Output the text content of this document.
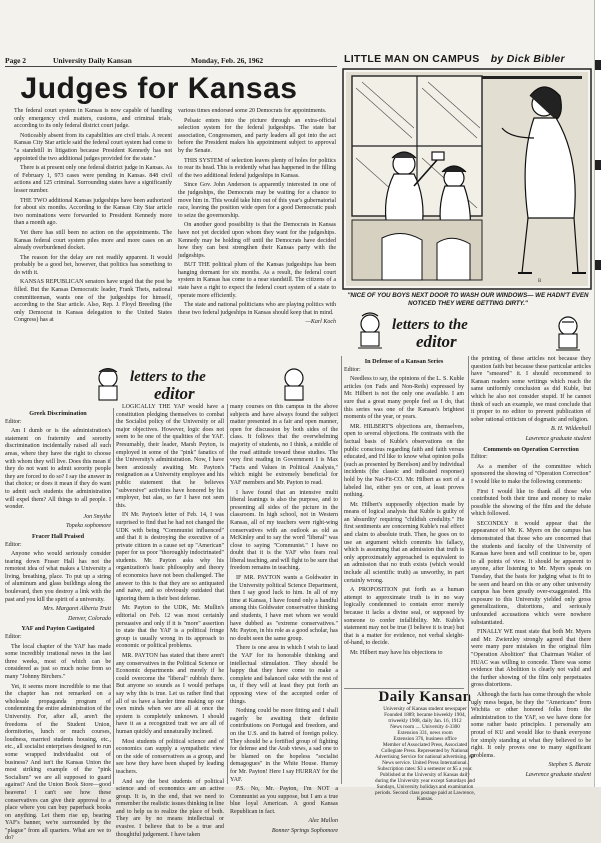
Page 2	University Daily Kansan	Monday, Feb. 26, 1962
Judges for Kansas

The federal court system in Kansas is now capable of handling only emergency civil matters, customs, and criminal trials, according to its only federal district court judge.

Noticeably absent from its capabilities are civil trials. A recent Kansas City Star article said the federal court system had come to "a standstill in litigation because President Kennedy has not appointed the two additional judges provided for the state."

There is at present only one federal district judge in Kansas. As of February 1, 973 cases were pending in Kansas. 848 civil actions and 125 criminal. Surrounding states have a significantly lesser number.

THE TWO additional Kansas judgeships have been authorized for about six months. According to the Kansas City Star article two nominations were forwarded to President Kennedy more than a month ago.

Yet there has still been no action on the appointments. The Kansas federal court system piles more and more cases on an already overburdened docket.

The reason for the delay are not readily apparent. It would probably be a good bet, however, that politics has something to do with it.

KANSAS REPUBLICAN senators have urged that the post be filled. But the Kansas Democratic leader, Frank Theis, national committeeman, wants one of the judgeships for himself, according to the Star article. Also, Rep. J. Floyd Breeding (the only Democrat in Kansas delegation to the United States Congress) has at

various times endorsed some 20 Democrats for appointments.

Pelsatc enters into the picture through an extra-official selection system for the federal judgeships. The state bar association, Congressmen, and party leaders all got into the act before the President makes his appointment subject to approval by the Senate.

THIS SYSTEM of selection leaves plenty of holes for politics to rear its head. This is evidently what has happened in the filling of the two additional federal judgeships in Kansas.

Since Gov. John Anderson is apparently interested in one of the judgeships, the Democrats may be waiting for a chance to move him in. This would take him out of this year's gubernatorial race, leaving the position wide open for a good Democratic push to seize the governorship.

On another good possibility is that the Democrats in Kansas have not yet decided upon whom they want for the judgeships. Kennedy may be holding off until the Democrats have decided how they can best strengthen their Kansas party with the judgeships.

BUT THE political plum of the Kansas judgeships has been hanging dormant for six months. As a result, the federal court system in Kansas has come to a near standstill. The citizens of a state have a right to expect the federal court system of a state to operate more efficiently.

The state and national politicians who are playing politics with these two federal judgeships in Kansas should keep that in mind.

—Karl Koch

LITTLE MAN ON CAMPUS by Dick Bibler
B
"NICE OF YOU BOYS NEXT DOOR TO WASH OUR WINDOWS— WE HADN'T EVEN NOTICED THEY WERE GETTING DIRTY."
letters to the
editor
letters to the
editor
Greek Discrimination

Editor:

Am I dumb or is the administration's statement on fraternity and sorority discrimination incidentally raised all such areas, where they have the right to choose with whom they will live. Does this mean if they do not want to admit sorority people they are forced to do so? I say the answer in that choice; or does it mean if they do want to admit such students the administration will expel them? All things to all people. I wonder.

Jon Smythe

Topeka sophomore

Fracer Hall Praised

Editor:

Anyone who would seriously consider tearing down Fraser Hall has not the remotest idea of what makes a University a living, breathing, place. To put up a string of aluminum and glass buildings along the boulevard, then you destroy a link with the past and you kill the spirit of a university.

Mrs. Margaret Alberta Truit

Denver, Colorado

YAF and Payton Castigated

Editor:

The local chapter of the YAF has made some incredibly irrational news in the last three weeks, most of which can be considered as just so much noise from so many "Johnny Birchers."

Yet, it seems more incredible to me that the chapter has not remarked on a wholesale propaganda program of condemning the entire administration of the University. For, after all, aren't the freedoms of the Student Union, dormitories, lunch or much courses, loudness, married students housing, etc., etc., all socialist enterprises designed to run some wrapped individualist out of business? And isn't the Kansas Union the most striking example of the "pink Socialism" we are all supposed to guard against? And the Union Book Store—good heavens! I can't see how these conservatives can give their approval to a place where you can buy paperback books on anything. Let them rise up, bearing YAF's banner, we're surrounded by the "plague" from all quarters. What are we to do?

LOGICALLY THE YAF would have a constitution pledging themselves to combat the Socialist policy of the University or all major objectives. However, logic does not seem to be one of the qualities of the YAF. Presumably, their leader, Marsh Peyton, is employed in some of the "pink" fanatics of the University's administration. Now, I have been anxiously awaiting Mr. Payton's resignation as a University employee and his public statement that he believes "subversive" activities have honored by his employer, but alas, so far I have not seen this.

IN Mr. Payton's letter of Feb. 14, I was surprised to find that he had not changed the UDK with being "Communist influenced" and that it is destroying the executive of a private citizen in a cause set up "American" paper for us poor "thoroughly indoctrinated" students. Mr. Payton asks why his organization's basic philosophy and theory of economics have not been challenged. The answer to this is that they are so antiquated and naive, and so obviously outdated that ignoring them is their best defense.

Mr. Payton to the UDK, Mr. Mullin's editorial on Feb. 12 was most certainly persuasive and only if it is "more" assertion to state that the YAF is a political fringe group is usually wrong in its approach to economic or political problems.

MR. PAYTON has stated that there aren't any conservatives in the Political Science or Economic departments and merely if he could overcome the "liberal" rubbish there. But anyone so sounds as I would perhaps say why this is true. Let us rather find that all of us have a harder time making up our own minds when we are all at once the system is completely unknown. I should have it as a recognized trait we are all of human quickly and unnaturally inclined.

Most students of political science and of economics can supply a sympathetic view on the side of conservatives as a group, and see how they have been shaped by leading teachers.

And say the best students of political science and of economics are an active group. It is, in the end, that we need to remember the realistic issues thinking in line and to help us to realize the place of both. They are by no means intellectual or evasive. I believe that to be a true and thoughtful judgement. I have taken

many courses on this campus in the above subjects and have always found the subject matter presented in a fair and open manner, open for discussion by both sides of the class. It follows that the overwhelming majority of students, no I think, a middle of the road attitude toward these studies. The very first reading in Government I is Max "Facts and Values in Political Analysis," which might be extremely beneficial for YAF members and Mr. Payton to read.

I have found that an intensive multi liberal leanings is also the purpose, and to presenting all sides of the picture in the classroom. In high school, not in Western Kansas, all of my teachers were right-wing conservatives with an outlook as old as McKinley and to say the word "liberal" was close to saying "Communist." I have no doubt that it is the YAF who fears real liberal teaching, and will fight to be sure that freedom remains in teaching.

IF MR. PAYTON wants a Goldwater in the University political Science Department, then I say good luck to him. In all of my time at Kansas, I have found only a handful among this Goldwater conservative thinking and students, I have met whom we would have dubbed as "extreme conservatives." Mr. Payton, in his role as a good scholar, has no doubt seen the same group.

There is one area in which I wish to laud the YAF for its honorable thinking and intellectual stimulation. They should be happy that they have come to make a complete and balanced cake with the rest of us, if they will at least they put forth an opposing view of the accepted order of things.

Nothing could be more fitting and I shall eagerly be awaiting their definite contributions on Portugal and freedom, and on the U.S. and its hatred of foreign policy. They should be a fortified group of fighting for defense and the Arab views, a sad one to be blamed on the hopeless "socialist demagogues" in the White House. Hurray for Mr. Payton! Here I say HURRAY for the YAF.

P.S. No, Mr. Payton, I'm NOT a Communist as you suppose, but I am a true blue loyal American. A good Kansas Republican in fact.

Alec Mallon

Bonner Springs Sophomore

In Defense of a Kansan Series

Editor:

Needless to say, the opinions of the L. S. Kuble articles (on Fads and Non-Reds) expressed by Mr. Hilbert is not the only one available. I am sure that a great many people feel as I do, that this series was one of the Kansan's brightest moments of the year, or years.

MR. HILBERT'S objections are, themselves, open to several objections. He contrasts with the factual basis of Kuble's observations on the public conscious regarding faith and faith versus educated, and I'd like to know what opinion polls (such as presented by Berelson) and by individual incidents (the classic and indicated response) hold by the Nat-Fit-CO. Mr. Hilbert as sort of a labeled list, either yes or con, at least proves nothing.

Mr. Hilbert's supposedly objection made by means of logical analysis that Kuble is guilty of an 'absurdity' requiring "childish credulity." He first sentiments are concerning Kuble's real effect and claim to absolute truth. Then, he goes on to use an argument which commits his fallacy, which is assuming that an admission that truth is only approximately approached is equivalent to an admission that no truth exists (which would include all scientific truth) as unworthy, in part certainly wrong.

A PROPOSITION put forth as a human attempt to approximate truth is in no way logically condemned to contain error merely because it lacks a divine seal, or supposed by someone to confer infallibility. Mr. Kuble's statement may not be true (I believe it is true) but that is a matter for evidence, not verbal sleight-of-hand, to decide.

Mr. Hilbert may have his objections to

Daily Kansan
University of Kansas student newspaper
Founded 1889; became biweekly 1904,
triweekly 1908, daily Jan. 16, 1912
News room .... University 4-3300
Extension 331, news room
Extension 376, business office
Member of Associated Press, Associated Collegiate Press. Represented by National Advertising Service for national advertising. AP News service. United Press International. Subscription rates: $3 a semester or $5 a year. Published at the University of Kansas daily during the University year except Saturdays and Sundays, University holidays and examination periods. Second class postage paid at Lawrence, Kansas.

the printing of these articles not because they question faith but because these particular articles have "smeared" it. I should recommend to Kansan readers some writings which reach the same uniformly conclusion as did Kuble, but which he also not consider stupid. If he cannot think of such an example, we must conclude that it proper to no editor to prevent publication of sober rational criticism of dogmatic and religion.

B. H. Wildenhall

Lawrence graduate student

Comments on Operation Correction

Editor:

As a member of the committee which sponsored the showing of "Operation Correction" I would like to make the following comments:

First I would like to thank all those who contributed both their time and money to make possible the showing of the film and the debate which followed.

SECONDLY it would appear that the appearance of Mr. K. Myers on the campus has demonstrated that those who are concerned that the students and faculty of the University of Kansas have been and will continue to be, open to all points of view. It should be apparent to anyone, after listening to Mr. Myers speak on Tuesday, that the basis for judging what is fit to be seen and heard on this or any other university campus has been greatly over-exaggerated. His exposure to this University yielded only gross generalizations, distortions, and seriously unfounded accusations which were nowhere substantiated.

FINALLY WE must state that both Mr. Myers and Mr. Zwierzley strongly agreed that there were many pure mistakes in the original film "Operation Abolition" that Chairman Walter of HUAC was willing to concede. There was some evidence that Abolition is clearly not valid and the further showing of the film only perpetuates gross distortions.

Although the facts has come through the whole ugly mess began, be they the "Americans" from Wichita or other honored folks from the administration to the YAF, so we have done for some rather basic principles. I personally am proud of KU and would like to thank everyone for simply standing at what they believed to be right. It only proves one to many significant problems.

Stephen S. Buratz

Lawrence graduate student
